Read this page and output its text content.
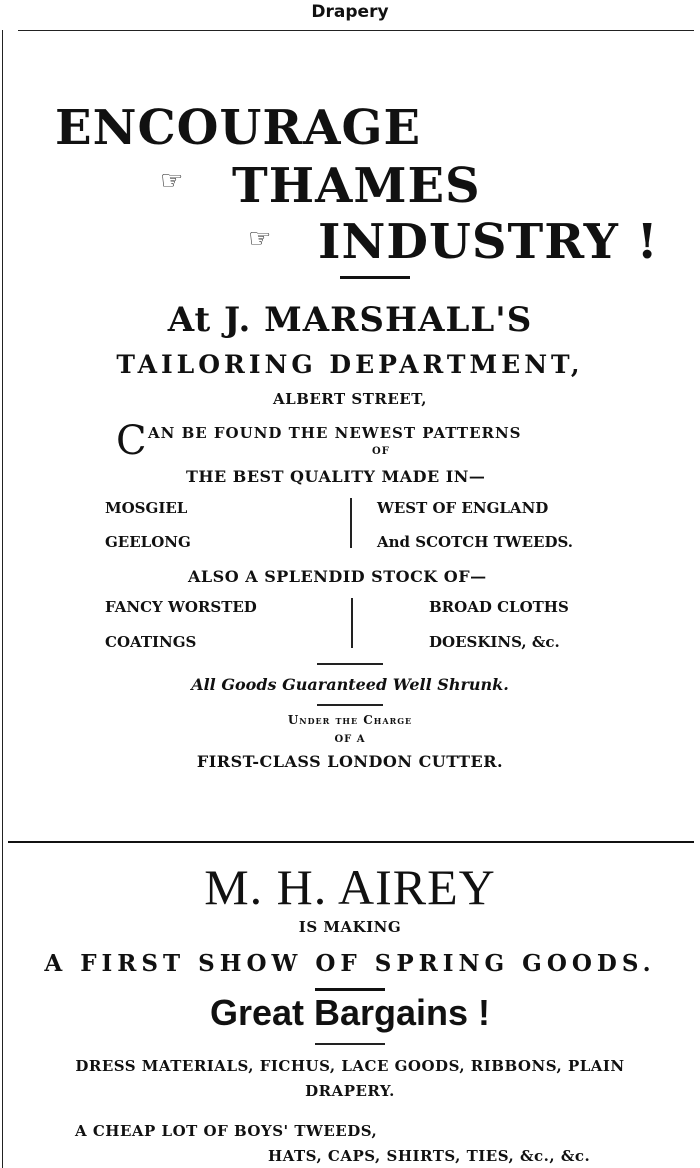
Drapery
ENCOURAGE
☞ THAMES
☞ INDUSTRY !
At J. MARSHALL'S
TAILORING DEPARTMENT,
ALBERT STREET,
C AN BE FOUND THE NEWEST PATTERNS
OF
THE BEST QUALITY MADE IN—
MOSGIEL
GEELONG
WEST OF ENGLAND
And SCOTCH TWEEDS.
ALSO A SPLENDID STOCK OF—
FANCY WORSTED
COATINGS
BROAD CLOTHS
DOESKINS, &c.
All Goods Guaranteed Well Shrunk.
Under the Charge
OF A
FIRST-CLASS LONDON CUTTER.
M. H. AIREY
IS MAKING
A FIRST SHOW OF SPRING GOODS.
Great Bargains !
DRESS MATERIALS, FICHUS, LACE GOODS, RIBBONS, PLAIN
DRAPERY.
A CHEAP LOT OF BOYS' TWEEDS,
HATS, CAPS, SHIRTS, TIES, &c., &c.
